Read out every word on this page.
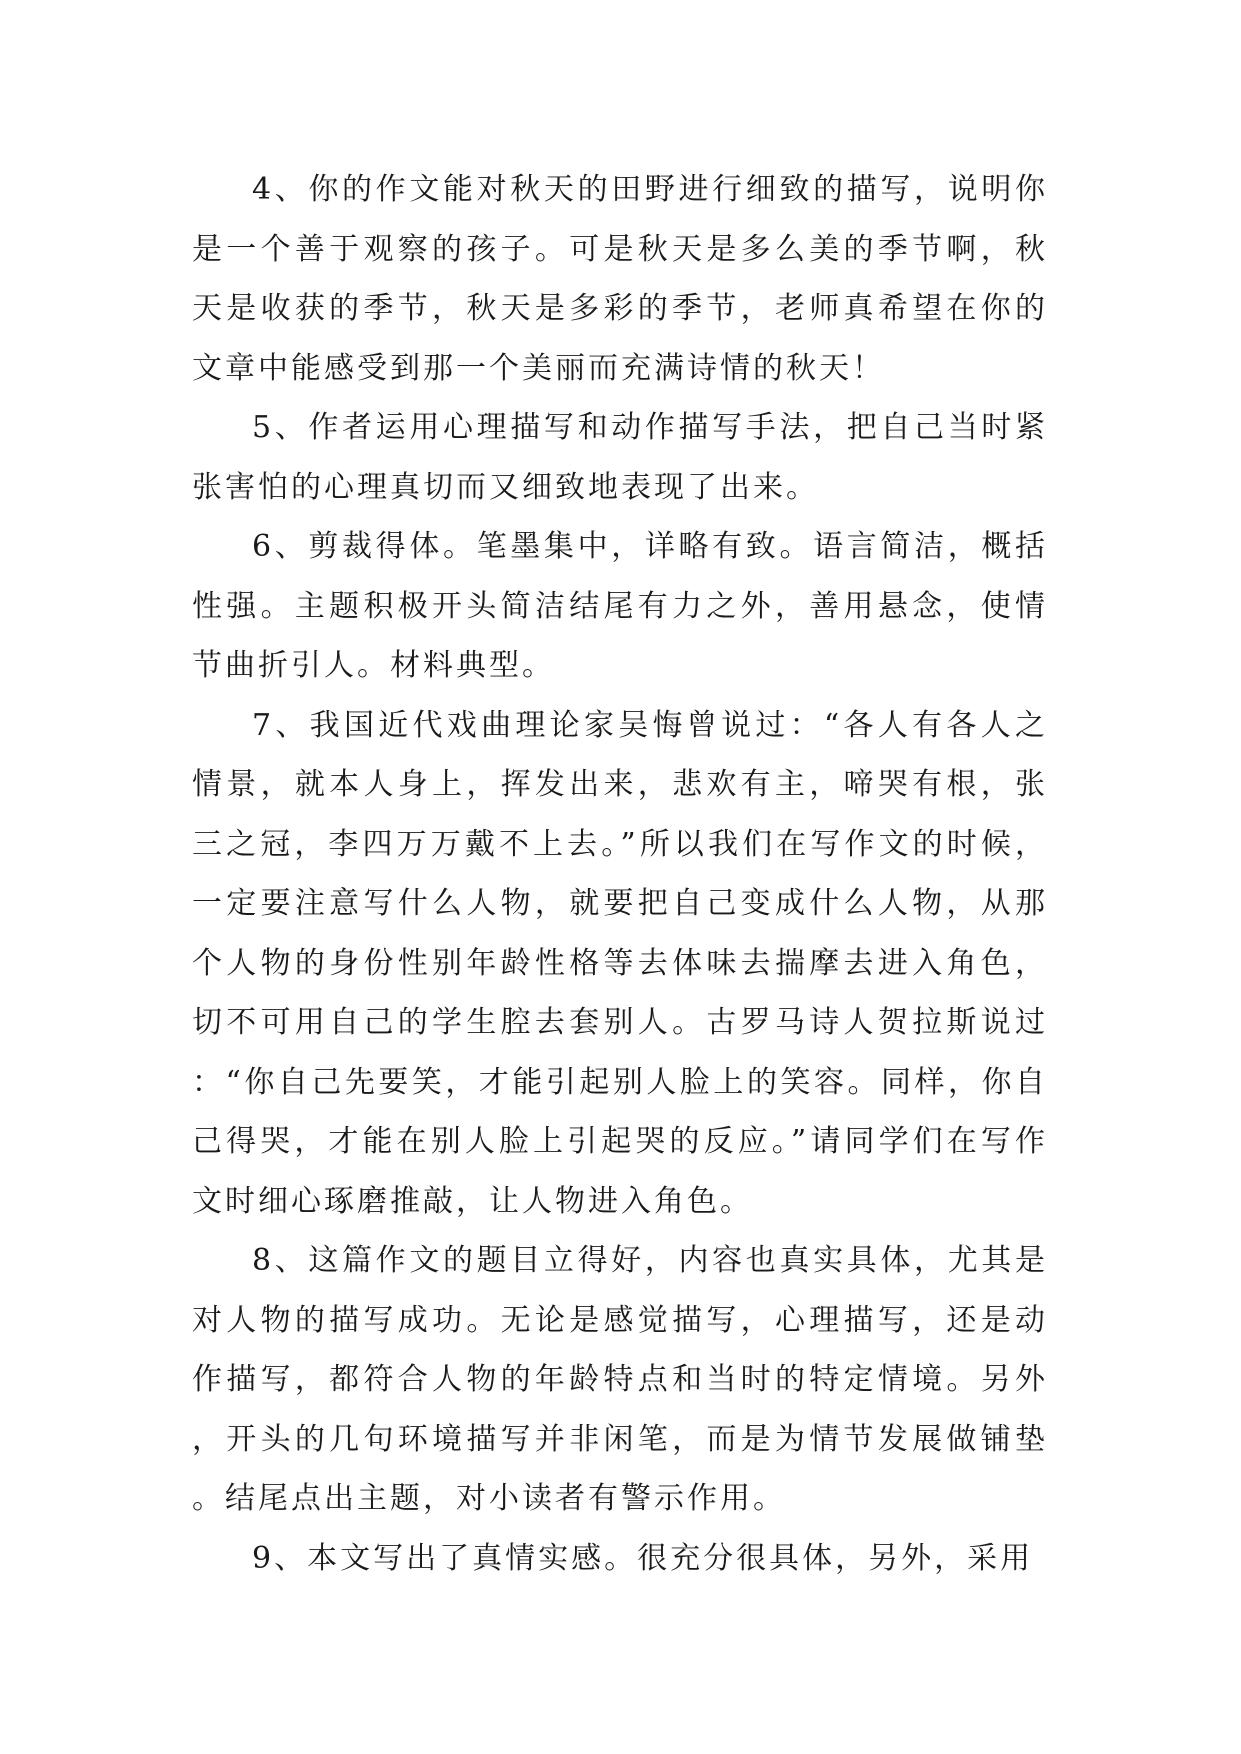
4、你的作文能对秋天的田野进行细致的描写，说明你是一个善于观察的孩子。可是秋天是多么美的季节啊，秋天是收获的季节，秋天是多彩的季节，老师真希望在你的文章中能感受到那一个美丽而充满诗情的秋天！

5、作者运用心理描写和动作描写手法，把自己当时紧张害怕的心理真切而又细致地表现了出来。

6、剪裁得体。笔墨集中，详略有致。语言简洁，概括性强。主题积极开头简洁结尾有力之外，善用悬念，使情节曲折引人。材料典型。

7、我国近代戏曲理论家吴悔曾说过：“各人有各人之情景，就本人身上，挥发出来，悲欢有主，啼哭有根，张三之冠，李四万万戴不上去。”所以我们在写作文的时候，一定要注意写什么人物，就要把自己变成什么人物，从那个人物的身份性别年龄性格等去体味去揣摩去进入角色，切不可用自己的学生腔去套别人。古罗马诗人贺拉斯说过：“你自己先要笑，才能引起别人脸上的笑容。同样，你自己得哭，才能在别人脸上引起哭的反应。”请同学们在写作文时细心琢磨推敲，让人物进入角色。

8、这篇作文的题目立得好，内容也真实具体，尤其是对人物的描写成功。无论是感觉描写，心理描写，还是动作描写，都符合人物的年龄特点和当时的特定情境。另外，开头的几句环境描写并非闲笔，而是为情节发展做铺垫。结尾点出主题，对小读者有警示作用。

9、本文写出了真情实感。很充分很具体，另外，采用
